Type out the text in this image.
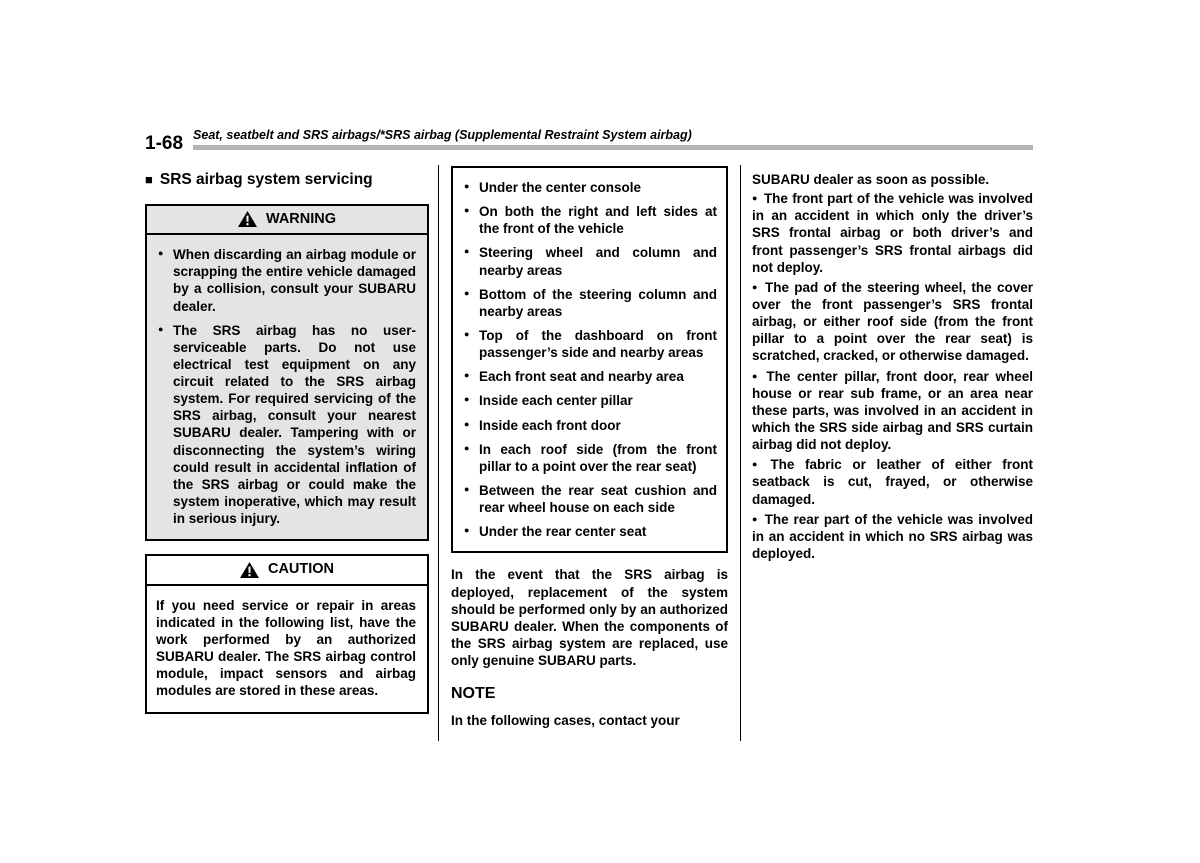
1-68 Seat, seatbelt and SRS airbags/*SRS airbag (Supplemental Restraint System airbag)
■ SRS airbag system servicing
WARNING
● When discarding an airbag module or scrapping the entire vehicle damaged by a collision, consult your SUBARU dealer.
● The SRS airbag has no user-serviceable parts. Do not use electrical test equipment on any circuit related to the SRS airbag system. For required servicing of the SRS airbag, consult your nearest SUBARU dealer. Tampering with or disconnecting the system’s wiring could result in accidental inflation of the SRS airbag or could make the system inoperative, which may result in serious injury.
CAUTION

If you need service or repair in areas indicated in the following list, have the work performed by an authorized SUBARU dealer. The SRS airbag control module, impact sensors and airbag modules are stored in these areas.

● Under the center console
● On both the right and left sides at the front of the vehicle
● Steering wheel and column and nearby areas
● Bottom of the steering column and nearby areas
● Top of the dashboard on front passenger’s side and nearby areas
● Each front seat and nearby area
● Inside each center pillar
● Inside each front door
● In each roof side (from the front pillar to a point over the rear seat)
● Between the rear seat cushion and rear wheel house on each side
● Under the rear center seat

In the event that the SRS airbag is deployed, replacement of the system should be performed only by an authorized SUBARU dealer. When the components of the SRS airbag system are replaced, use only genuine SUBARU parts.

NOTE

In the following cases, contact your

SUBARU dealer as soon as possible.

● The front part of the vehicle was involved in an accident in which only the driver’s SRS frontal airbag or both driver’s and front passenger’s SRS frontal airbags did not deploy.

● The pad of the steering wheel, the cover over the front passenger’s SRS frontal airbag, or either roof side (from the front pillar to a point over the rear seat) is scratched, cracked, or otherwise damaged.

● The center pillar, front door, rear wheel house or rear sub frame, or an area near these parts, was involved in an accident in which the SRS side airbag and SRS curtain airbag did not deploy.

● The fabric or leather of either front seatback is cut, frayed, or otherwise damaged.

● The rear part of the vehicle was involved in an accident in which no SRS airbag was deployed.
